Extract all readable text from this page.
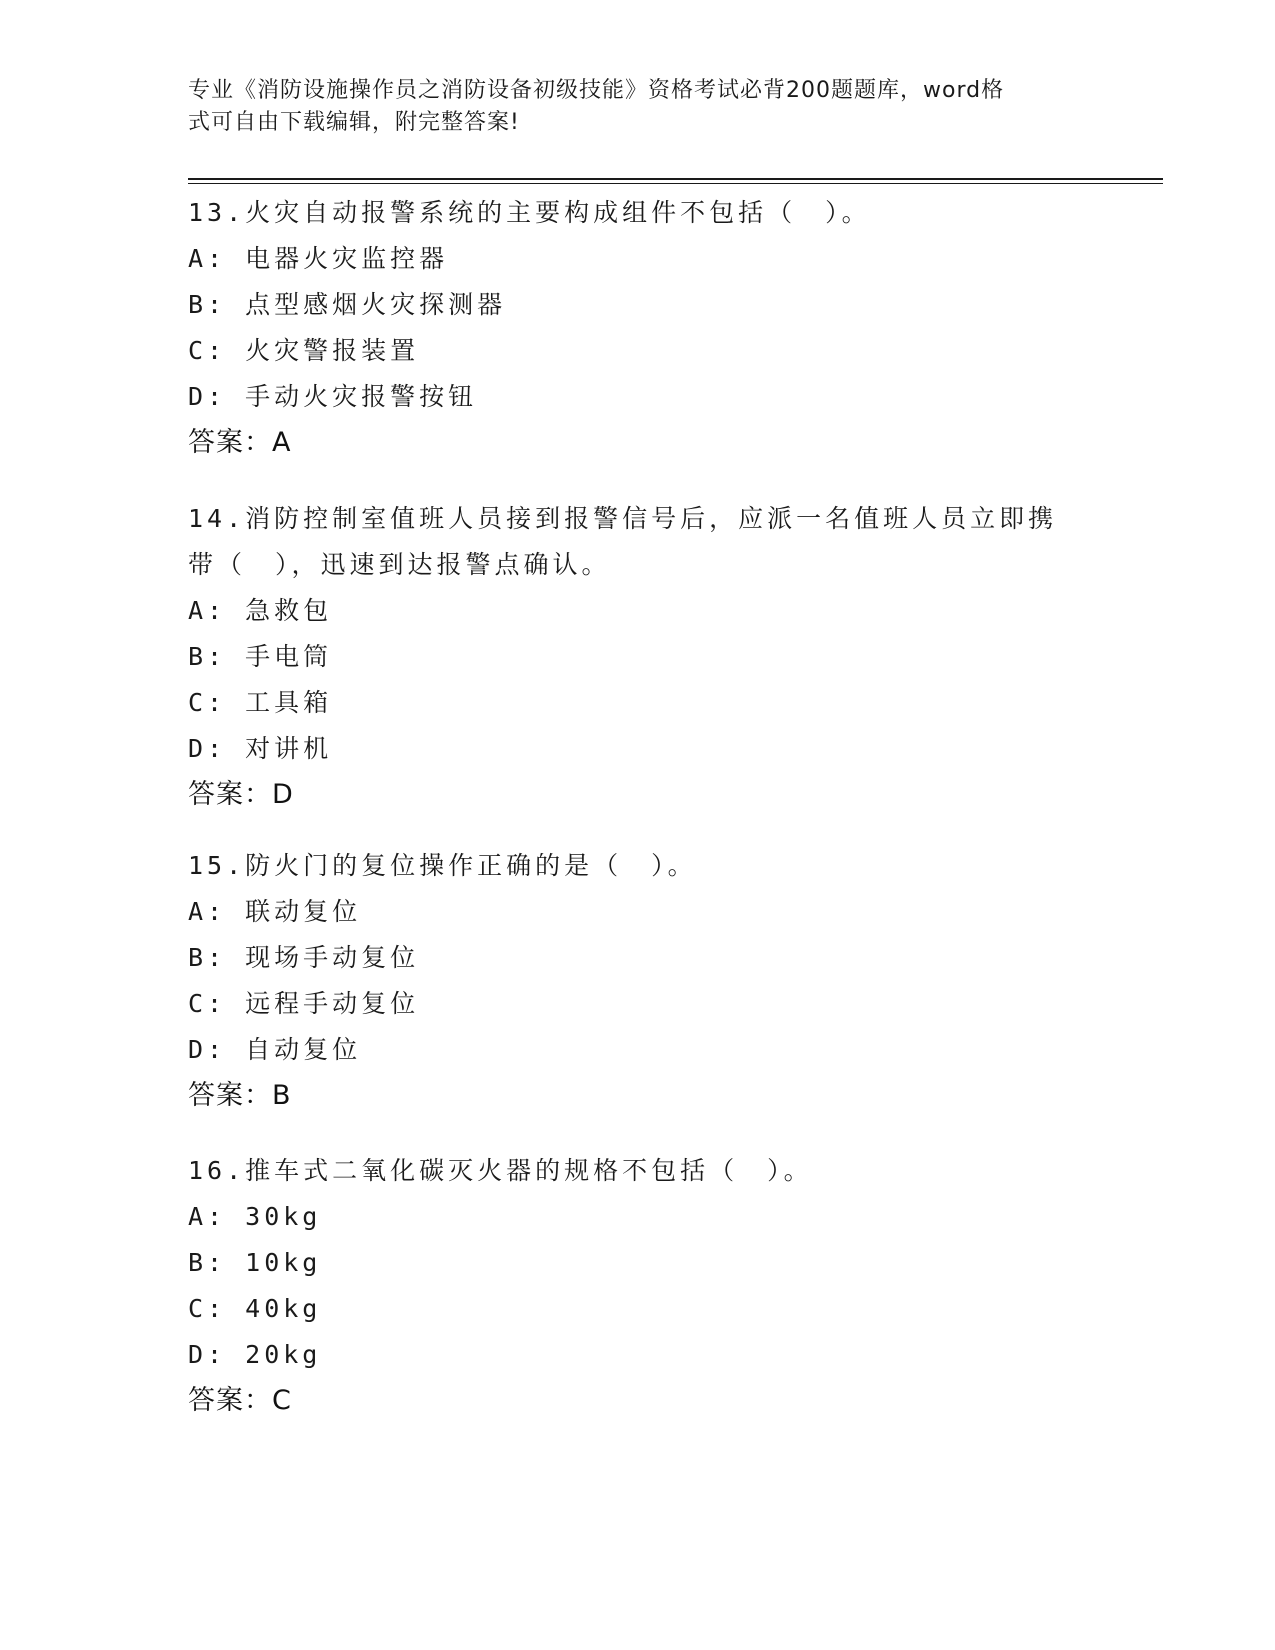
专业《消防设施操作员之消防设备初级技能》资格考试必背200题题库，word格
式可自由下载编辑，附完整答案!
13.火灾自动报警系统的主要构成组件不包括（　）。
A: 电器火灾监控器
B: 点型感烟火灾探测器
C: 火灾警报装置
D: 手动火灾报警按钮
答案：A
14.消防控制室值班人员接到报警信号后，应派一名值班人员立即携带（　），迅速到达报警点确认。
A: 急救包
B: 手电筒
C: 工具箱
D: 对讲机
答案：D
15.防火门的复位操作正确的是（　）。
A: 联动复位
B: 现场手动复位
C: 远程手动复位
D: 自动复位
答案：B
16.推车式二氧化碳灭火器的规格不包括（　）。
A: 30kg
B: 10kg
C: 40kg
D: 20kg
答案：C
